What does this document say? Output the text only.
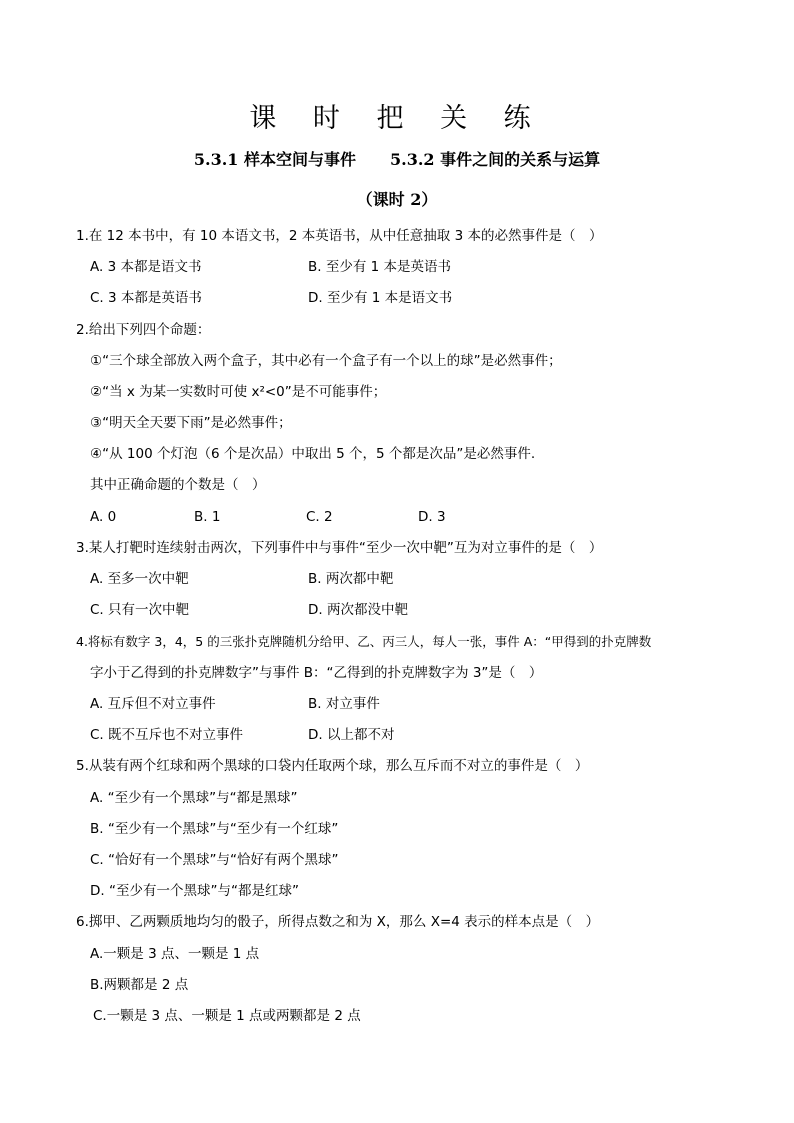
课 时 把 关 练
5.3.1 样本空间与事件 5.3.2 事件之间的关系与运算
（课时 2）
1.在 12 本书中，有 10 本语文书，2 本英语书，从中任意抽取 3 本的必然事件是（　）
A. 3 本都是语文书	B. 至少有 1 本是英语书
C. 3 本都是英语书	D. 至少有 1 本是语文书
2.给出下列四个命题：
①“三个球全部放入两个盒子，其中必有一个盒子有一个以上的球”是必然事件；
②“当 x 为某一实数时可使 x²<0”是不可能事件；
③“明天全天要下雨”是必然事件；
④“从 100 个灯泡（6 个是次品）中取出 5 个，5 个都是次品”是必然事件.
其中正确命题的个数是（　）
A. 0	B. 1	C. 2	D. 3
3.某人打靶时连续射击两次，下列事件中与事件“至少一次中靶”互为对立事件的是（　）
A. 至多一次中靶	B. 两次都中靶
C. 只有一次中靶	D. 两次都没中靶
4.将标有数字 3，4，5 的三张扑克牌随机分给甲、乙、丙三人，每人一张，事件 A：“甲得到的扑克牌数
字小于乙得到的扑克牌数字”与事件 B：“乙得到的扑克牌数字为 3”是（　）
A. 互斥但不对立事件	B. 对立事件
C. 既不互斥也不对立事件	D. 以上都不对
5.从装有两个红球和两个黑球的口袋内任取两个球，那么互斥而不对立的事件是（　）
A. “至少有一个黑球”与“都是黑球”
B. “至少有一个黑球”与“至少有一个红球”
C. “恰好有一个黑球”与“恰好有两个黑球”
D. “至少有一个黑球”与“都是红球”
6.掷甲、乙两颗质地均匀的骰子，所得点数之和为 X，那么 X=4 表示的样本点是（　）
A.一颗是 3 点、一颗是 1 点
B.两颗都是 2 点
C.一颗是 3 点、一颗是 1 点或两颗都是 2 点
